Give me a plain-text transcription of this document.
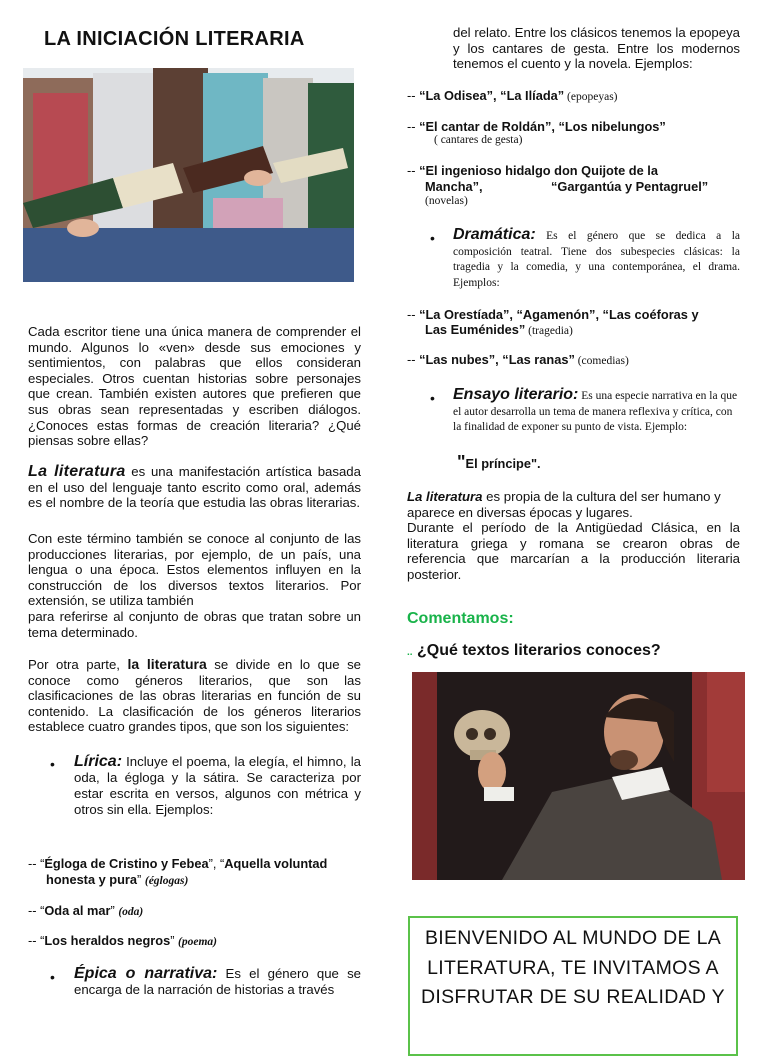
LA INICIACIÓN LITERARIA
Cada escritor tiene una única manera de comprender el mundo. Algunos lo «ven» desde sus emociones y sentimientos, con palabras que ellos consideran especiales. Otros cuentan historias sobre personajes que crean. También existen autores que prefieren que sus obras sean representadas y escriben diálogos. ¿Conoces estas formas de creación literaria? ¿Qué piensas sobre ellas?
La literatura es una manifestación artística basada en el uso del lenguaje tanto escrito como oral, además es el nombre de la teoría que estudia las obras literarias.
Con este término también se conoce al conjunto de las producciones literarias, por ejemplo, de un país, una lengua o una época. Estos elementos influyen en la construcción de los diversos textos literarios. Por extensión, se utiliza también
para referirse al conjunto de obras que tratan sobre un tema determinado.
Por otra parte, la literatura se divide en lo que se conoce como géneros literarios, que son las clasificaciones de las obras literarias en función de su contenido. La clasificación de los géneros literarios establece cuatro grandes tipos, que son los siguientes:
• Lírica: Incluye el poema, la elegía, el himno, la oda, la égloga y la sátira. Se caracteriza por estar escrita en versos, algunos con métrica y otros sin ella. Ejemplos:
-- “Égloga de Cristino y Febea”, “Aquella voluntad
honesta y pura” (églogas)
-- “Oda al mar” (oda)
-- “Los heraldos negros” (poema)
• Épica o narrativa: Es el género que se encarga de la narración de historias a través
del relato. Entre los clásicos tenemos la epopeya y los cantares de gesta. Entre los modernos tenemos el cuento y la novela. Ejemplos:
-- “La Odisea”, “La Ilíada” (epopeyas)
-- “El cantar de Roldán”, “Los nibelungos”
( cantares de gesta)
-- “El ingenioso hidalgo don Quijote de la
Mancha”,	“Gargantúa y Pentagruel”
(novelas)
• Dramática: Es el género que se dedica a la composición teatral. Tiene dos subespecies clásicas: la tragedia y la comedia, y una contemporánea, el drama. Ejemplos:
-- “La Orestíada”, “Agamenón”, “Las coéforas y
Las Euménides” (tragedia)
-- “Las nubes”, “Las ranas” (comedias)
• Ensayo literario: Es una especie narrativa en la que el autor desarrolla un tema de manera reflexiva y crítica, con la finalidad de exponer su punto de vista. Ejemplo:
"El príncipe".
La literatura es propia de la cultura del ser humano y aparece en diversas épocas y lugares.
Durante el período de la Antigüedad Clásica, en la literatura griega y romana se crearon obras de referencia que marcarían a la producción literaria posterior.
Comentamos:
.. ¿Qué textos literarios conoces?
BIENVENIDO AL MUNDO DE LA LITERATURA, TE INVITAMOS A DISFRUTAR DE SU REALIDAD Y
